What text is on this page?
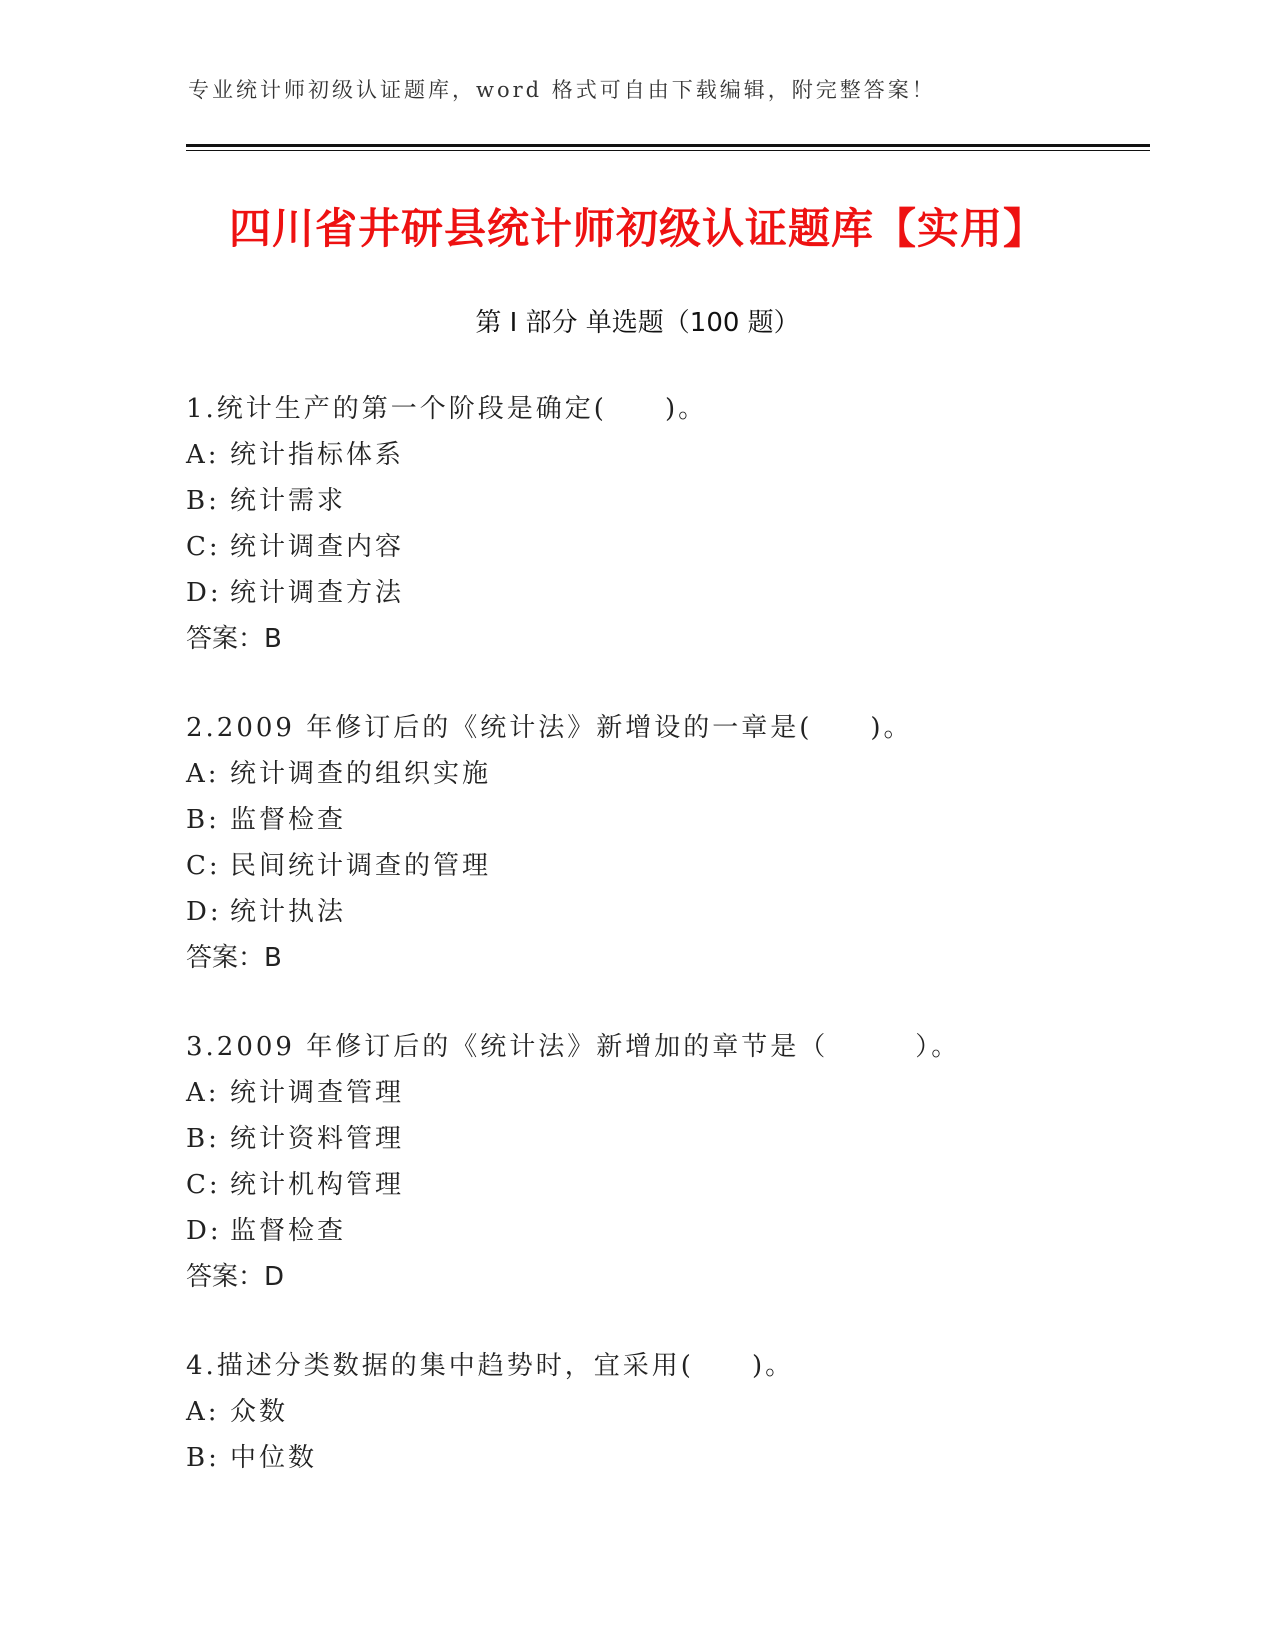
专业统计师初级认证题库，word 格式可自由下载编辑，附完整答案！
四川省井研县统计师初级认证题库【实用】
第 I 部分 单选题（100 题）
1.统计生产的第一个阶段是确定(　　)。
A: 统计指标体系
B: 统计需求
C: 统计调查内容
D: 统计调查方法
答案：B
2.2009 年修订后的《统计法》新增设的一章是(　　)。
A: 统计调查的组织实施
B: 监督检查
C: 民间统计调查的管理
D: 统计执法
答案：B
3.2009 年修订后的《统计法》新增加的章节是（　　　）。
A: 统计调查管理
B: 统计资料管理
C: 统计机构管理
D: 监督检查
答案：D
4.描述分类数据的集中趋势时，宜采用(　　)。
A: 众数
B: 中位数
